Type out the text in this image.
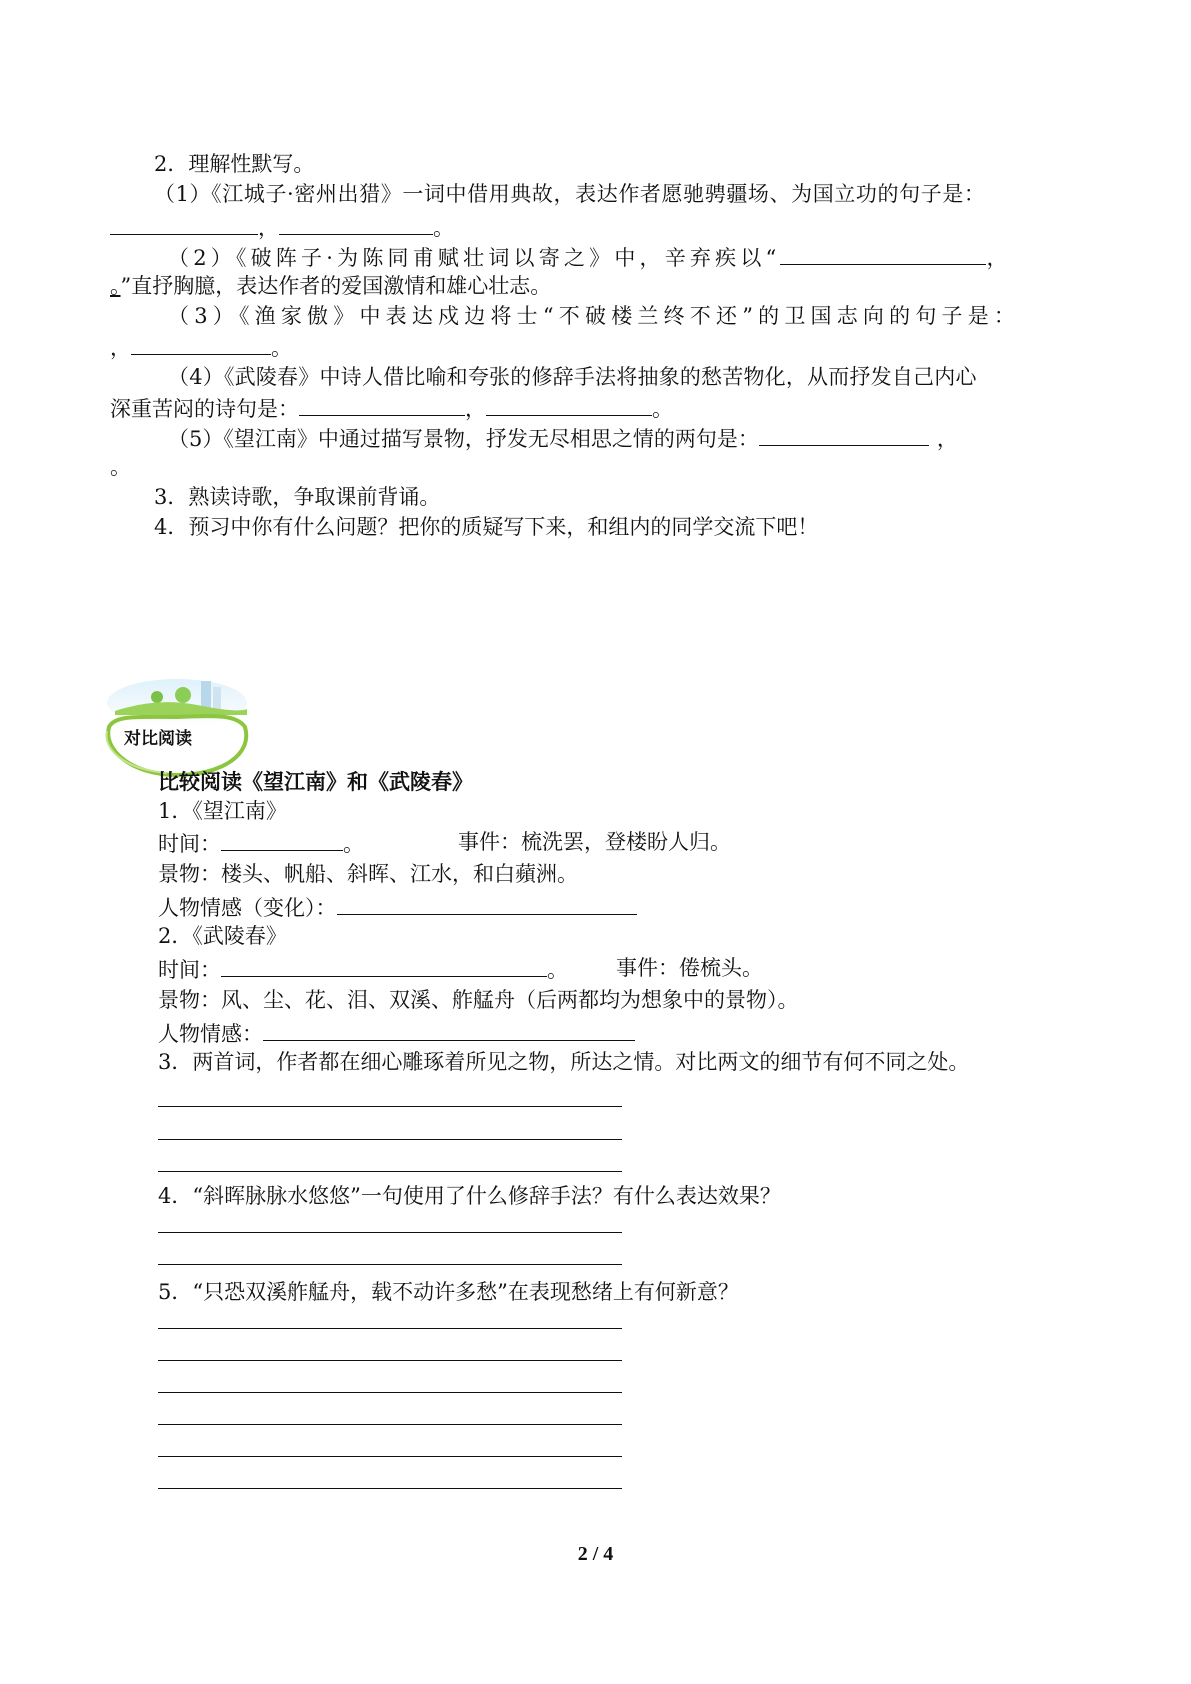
2．理解性默写。
（1）《江城子·密州出猎》一词中借用典故，表达作者愿驰骋疆场、为国立功的句子是：
，	。
（2）《破阵子·为陈同甫赋壮词以寄之》中，辛弃疾以“	，
。”直抒胸臆，表达作者的爱国激情和雄心壮志。
（3）《渔家傲》中表达戍边将士“不破楼兰终不还”的卫国志向的句子是：
，	。
（4）《武陵春》中诗人借比喻和夸张的修辞手法将抽象的愁苦物化，从而抒发自己内心
深重苦闷的诗句是：	，	。
（5）《望江南》中通过描写景物，抒发无尽相思之情的两句是：	，
。
3．熟读诗歌，争取课前背诵。
4．预习中你有什么问题？把你的质疑写下来，和组内的同学交流下吧！
对比阅读
比较阅读《望江南》和《武陵春》
1．《望江南》
时间：	。	事件：梳洗罢，登楼盼人归。
景物：楼头、帆船、斜晖、江水，和白蘋洲。
人物情感（变化）：
2．《武陵春》
时间：	。 事件：倦梳头。
景物：风、尘、花、泪、双溪、舴艋舟（后两都均为想象中的景物）。
人物情感：
3．两首词，作者都在细心雕琢着所见之物，所达之情。对比两文的细节有何不同之处。
4．“斜晖脉脉水悠悠”一句使用了什么修辞手法？有什么表达效果？
5．“只恐双溪舴艋舟，载不动许多愁”在表现愁绪上有何新意？
2 / 4
